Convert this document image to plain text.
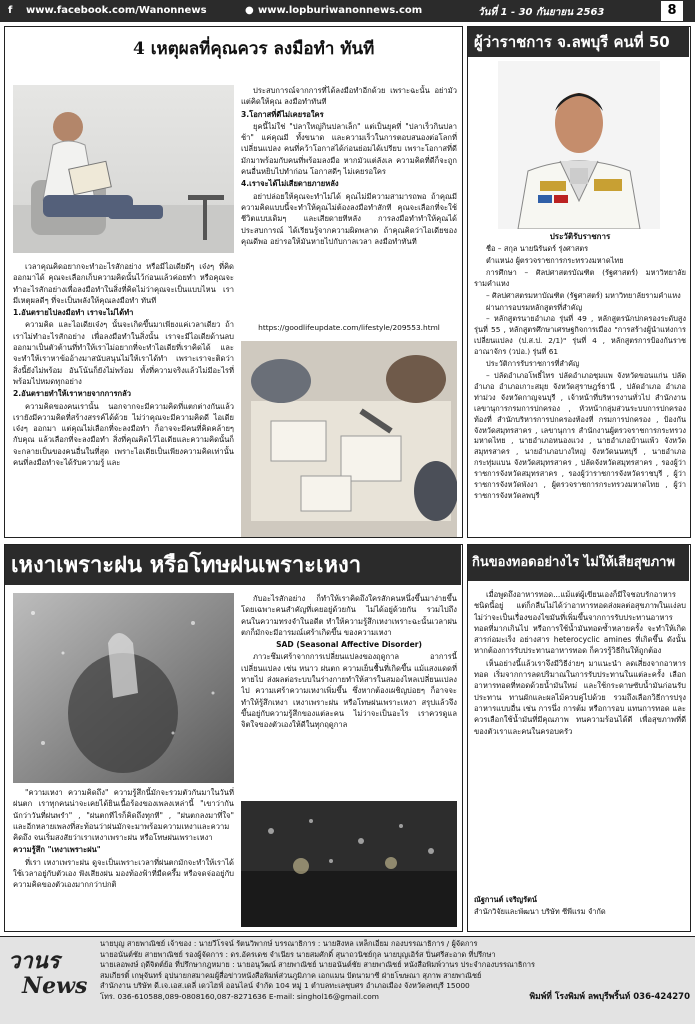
f www.facebook.com/Wanonnews	● www.lopburiwanonnews.com	วันที่ 1 - 30 กันยายน 2563	8
4 เหตุผลที่คุณควร ลงมือทำ ทันที

เวลาคุณคิดอยากจะทำอะไรสักอย่าง หรือมีไอเดียดีๆ เจ๋งๆ ที่คิดออกมาได้ คุณจะเลือกเก็บความคิดนั้นไว้ก่อนแล้วค่อยทำ หรือคุณจะทำอะไรสักอย่างเพื่อลงมือทำในสิ่งที่คิดไม่ว่าคุณจะเป็นแบบไหน เรามีเหตุผลดีๆ ที่จะเป็นพลังให้คุณลงมือทำ ทันที

1.อันตรายไปลงมือทำ เราจะไม่ได้ทำ

ความคิด และไอเดียเจ๋งๆ นั้นจะเกิดขึ้นมาเพียงแค่เวลาเดียว ถ้าเราไม่ทำอะไรสักอย่าง เพื่อลงมือทำในสิ่งนั้น เราจะมีไอเดียด้านลบออกมาเป็นตัวต้านที่ทำให้เราไม่อยากที่จะทำไอเดียที่เราคิดได้ และจะทำให้เราหาข้ออ้างมาสนับสนุนไม่ให้เราได้ทำ เพราะเราจะติดว่า สิ่งนี้ยังไม่พร้อม อันโน้นก็ยังไม่พร้อม ทั้งที่ความจริงแล้วไม่มีอะไรที่พร้อมไปหมดทุกอย่าง

2.อันตรายทำให้เราหายจากการกลัว

ความคิดของคนเรานั้น นอกจากจะมีความคิดที่แตกต่างกันแล้ว เรายังมีความคิดที่สร้างสรรค์ได้ด้วย ไม่ว่าคุณจะมีความคิดดี ไอเดียเจ๋งๆ ออกมา แต่คุณไม่เลือกที่จะลงมือทำ ก็อาจจะมีคนที่คิดคล้ายๆ กับคุณ แล้วเลือกที่จะลงมือทำ สิ่งที่คุณคิดไว้ไอเดียและความคิดนั้นก็จะกลายเป็นของคนอื่นในที่สุด เพราะไอเดียเป็นเพียงความคิดเท่านั้น คนที่ลงมือทำจะได้รับความรู้ และ

ประสบการณ์จากการที่ได้ลงมือทำอีกด้วย เพราะฉะนั้น อย่ามัวแต่คิดให้คุณ ลงมือทำทันที

3.โอกาสที่ดีไม่เคยรอใคร

ยุคนี้ไม่ใช่ "ปลาใหญ่กินปลาเล็ก" แต่เป็นยุคที่ "ปลาเร็วกินปลาช้า" แค่คุณมี ทั้งขนาด และความเร็วในการตอบสนองต่อโลกที่เปลี่ยนแปลง คนที่คว้าโอกาสได้ก่อนย่อมได้เปรียบ เพราะโอกาสที่ดีมักมาพร้อมกับคนที่พร้อมลงมือ หากมัวแต่ลังเล ความคิดที่ดีก็จะถูกคนอื่นหยิบไปทำก่อน โอกาสดีๆ ไม่เคยรอใคร

4.เราจะได้ไม่เสียดายภายหลัง

อย่าปล่อยให้คุณจะทำไม่ได้ คุณไม่มีความสามารถพอ ถ้าคุณมีความคิดแบบนี้จะทำให้คุณไม่ต้องลงมือทำสักที คุณจะเลือกที่จะใช้ชีวิตแบบเดิมๆ และเสียดายทีหลัง การลงมือทำทำให้คุณได้ประสบการณ์ ได้เรียนรู้จากความผิดพลาด ถ้าคุณคิดว่าไอเดียของคุณดีพอ อย่ารอให้มันหายไปกับกาลเวลา ลงมือทำทันที

https://goodlifeupdate.com/lifestyle/209553.html
ผู้ว่าราชการ จ.ลพบุรี คนที่ 50
ประวัติรับราชการ

ชื่อ – สกุล นายนิรันดร์ รุ่งศาสตร

ตำแหน่ง ผู้ตรวจราชการกระทรวงมหาดไทย

การศึกษา – ศิลปศาสตรบัณฑิต (รัฐศาสตร์) มหาวิทยาลัยรามคำแหง

– ศิลปศาสตรมหาบัณฑิต (รัฐศาสตร์) มหาวิทยาลัยรามคำแหง

ผ่านการอบรมหลักสูตรที่สำคัญ

– หลักสูตรนายอำเภอ รุ่นที่ 49 , หลักสูตรนักปกครองระดับสูง รุ่นที่ 55 , หลักสูตรศึกษาเศรษฐกิจการเมือง "การสร้างผู้นำแห่งการเปลี่ยนแปลง (ป.ส.ป. 2/1)" รุ่นที่ 4 , หลักสูตรการป้องกันราชอาณาจักร (วปอ.) รุ่นที่ 61

ประวัติการรับราชการที่สำคัญ

– ปลัดอำเภอโพธิ์ไทร ปลัดอำเภอชุมแพ จังหวัดขอนแก่น ปลัดอำเภอ อำเภอเกาะสมุย จังหวัดสุราษฎร์ธานี , ปลัดอำเภอ อำเภอท่าม่วง จังหวัดกาญจนบุรี , เจ้าหน้าที่บริหารงานทั่วไป สำนักงานเลขานุการกรมการปกครอง , หัวหน้ากลุ่มส่วนระบบการปกครองท้องที่ สำนักบริหารการปกครองท้องที่ กรมการปกครอง , ป้องกันจังหวัดสมุทรสาคร , เลขานุการ สำนักงานผู้ตรวจราชการกระทรวงมหาดไทย , นายอำเภอหนองแวง , นายอำเภอบ้านแพ้ว จังหวัดสมุทรสาคร , นายอำเภอบางใหญ่ จังหวัดนนทบุรี , นายอำเภอกระทุ่มแบน จังหวัดสมุทรสาคร , ปลัดจังหวัดสมุทรสาคร , รองผู้ว่าราชการจังหวัดสมุทรสาคร , รองผู้ว่าราชการจังหวัดราชบุรี , ผู้ว่าราชการจังหวัดพังงา , ผู้ตรวจราชการกระทรวงมหาดไทย , ผู้ว่าราชการจังหวัดลพบุรี

เหงาเพราะฝน หรือโทษฝนเพราะเหงา

"ความเหงา ความคิดถึง" ความรู้สึกนี้มักจะรวมตัวกันมาในวันที่ฝนตก เราทุกคนน่าจะเคยได้ยินเนื้อร้องของเพลงเหล่านี้ "เขาว่ากันนักว่าวันที่ฝนพรำ" , "ฝนตกทีไรก็คิดถึงทุกที" , "ฝนตกลงมาที่ใจ" และอีกหลายเพลงที่สะท้อนว่าฝนมักจะมาพร้อมความเหงาและความคิดถึง จนเริ่มสงสัยว่าเราเหงาเพราะฝน หรือโทษฝนเพราะเหงา

ความรู้สึก "เหงาเพราะฝน"

ที่เรา เหงาเพราะฝน ดูจะเป็นเพราะเวลาที่ฝนตกมักจะทำให้เราได้ใช้เวลาอยู่กับตัวเอง ฟังเสียงฝน มองท้องฟ้าที่มืดครึ้ม หรือจดจ่ออยู่กับความคิดของตัวเองมากกว่าปกติ

กับอะไรสักอย่าง ก็ทำให้เราคิดถึงใครสักคนหนึ่งขึ้นมาง่ายขึ้น โดยเฉพาะคนสำคัญที่เคยอยู่ด้วยกัน ไม่ได้อยู่ด้วยกัน รวมไปถึงคนในความทรงจำในอดีต ทำให้ความรู้สึกเหงาเพราะฉะนั้นเวลาฝนตกก็มักจะมีอารมณ์เศร้าเกิดขึ้น ของความเหงา

SAD (Seasonal Affective Disorder)

ภาวะซึมเศร้าจากการเปลี่ยนแปลงของฤดูกาล อาการนี้เปลี่ยนแปลง เช่น หนาว ฝนตก ความเย็นชื้นที่เกิดขึ้น แม้แสงแดดที่หายไป ส่งผลต่อระบบในร่างกายทำให้สารในสมองไหลเปลี่ยนแปลงไป ความเศร้าความเหงาเพิ่มขึ้น ซึ่งหากต้องเผชิญบ่อยๆ ก็อาจจะทำให้รู้สึกเหงา เหงาเพราะฝน หรือโทษฝนเพราะเหงา สรุปแล้วจึงขึ้นอยู่กับความรู้สึกของแต่ละคน ไม่ว่าจะเป็นอะไร เราควรดูแลจิตใจของตัวเองให้ดีในทุกฤดูกาล

กินของทอดอย่างไร ไม่ให้เสียสุขภาพ

เมื่อพูดถึงอาหารทอด...แม้แต่ผู้เขียนเองก็มีใจชอบรักอาหารชนิดนี้อยู่ แต่ก็กลืนไม่ได้ว่าอาหารทอดส่งผลต่อสุขภาพในแง่ลบ ไม่ว่าจะเป็นเรื่องของไขมันที่เพิ่มขึ้นจากการรับประทานอาหารทอดที่มากเกินไป หรือการใช้น้ำมันทอดซ้ำหลายครั้ง จะทำให้เกิดสารก่อมะเร็ง อย่างสาร heterocyclic amines ที่เกิดขึ้น ดังนั้นหากต้องการรับประทานอาหารทอด ก็ควรรู้วิธีกินให้ถูกต้อง

เห็นอย่างนี้แล้วเราจึงมีวิธีง่ายๆ มาแนะนำ ลดเสี่ยงจากอาหารทอด เริ่มจากการลดปริมาณในการรับประทานในแต่ละครั้ง เลือกอาหารทอดที่ทอดด้วยน้ำมันใหม่ และใช้กระดาษซับน้ำมันก่อนรับประทาน ทานผักและผลไม้ควบคู่ไปด้วย รวมถึงเลือกวิธีการปรุงอาหารแบบอื่น เช่น การนึ่ง การต้ม หรือการอบ แทนการทอด และควรเลือกใช้น้ำมันที่มีคุณภาพ ทนความร้อนได้ดี เพื่อสุขภาพที่ดีของตัวเราและคนในครอบครัว

ณัฐกานต์ เจริญรัตน์
สำนักวิจัยและพัฒนา บริษัท ซีพีแรม จำกัด
วานร
News
นายบุญ สายพาณิชย์ เจ้าของ : นายวีโรจน์ รัตนวิพากษ์ บรรณาธิการ : นายสิงหล เหล็กเอี่ยม กองบรรณาธิการ / ผู้จัดการ
นายอนันต์ชัย สายพาณิชย์ รองผู้จัดการ : ดร.อัครเดช จำเนียร นายสมศักดิ์ สุนาถวนิชย์กุล นายบุญเอิร์ส ปิ่นศรีสะอาด ที่ปรึกษา
นายเลอพงษ์ ฤดีจิตต์ย้อ ที่ปรึกษากฎหมาย : นายอนุวัฒน์ สายพาณิชย์ นายอนันต์ชัย สายพาณิชย์ หนังสือพิมพ์วานร ประจำกองบรรณาธิการ
สมเกียรติ์ เกษุจันทร์ อุปนายกสมาคมผู้สื่อข่าวหนังสือพิมพ์ส่วนภูมิภาค เอกแมน ปัตนามาซี ฝ่ายโฆษณา สุภาพ สายพาณิชย์
สำนักงาน บริษัท ดี.เจ.เอส.เดลี่ เดวไฮฟ์ ออนไลน์ จำกัด 104 หมู่ 1 ตำบลทะเลชุบศร อำเภอเมือง จังหวัดลพบุรี 15000
โทร. 036-610588,089-0808160,087-8271636 E-mail: singhol16@gmail.com	พิมพ์ที่ โรงพิมพ์ ลพบุรีพริ้นท์ 036-424270
